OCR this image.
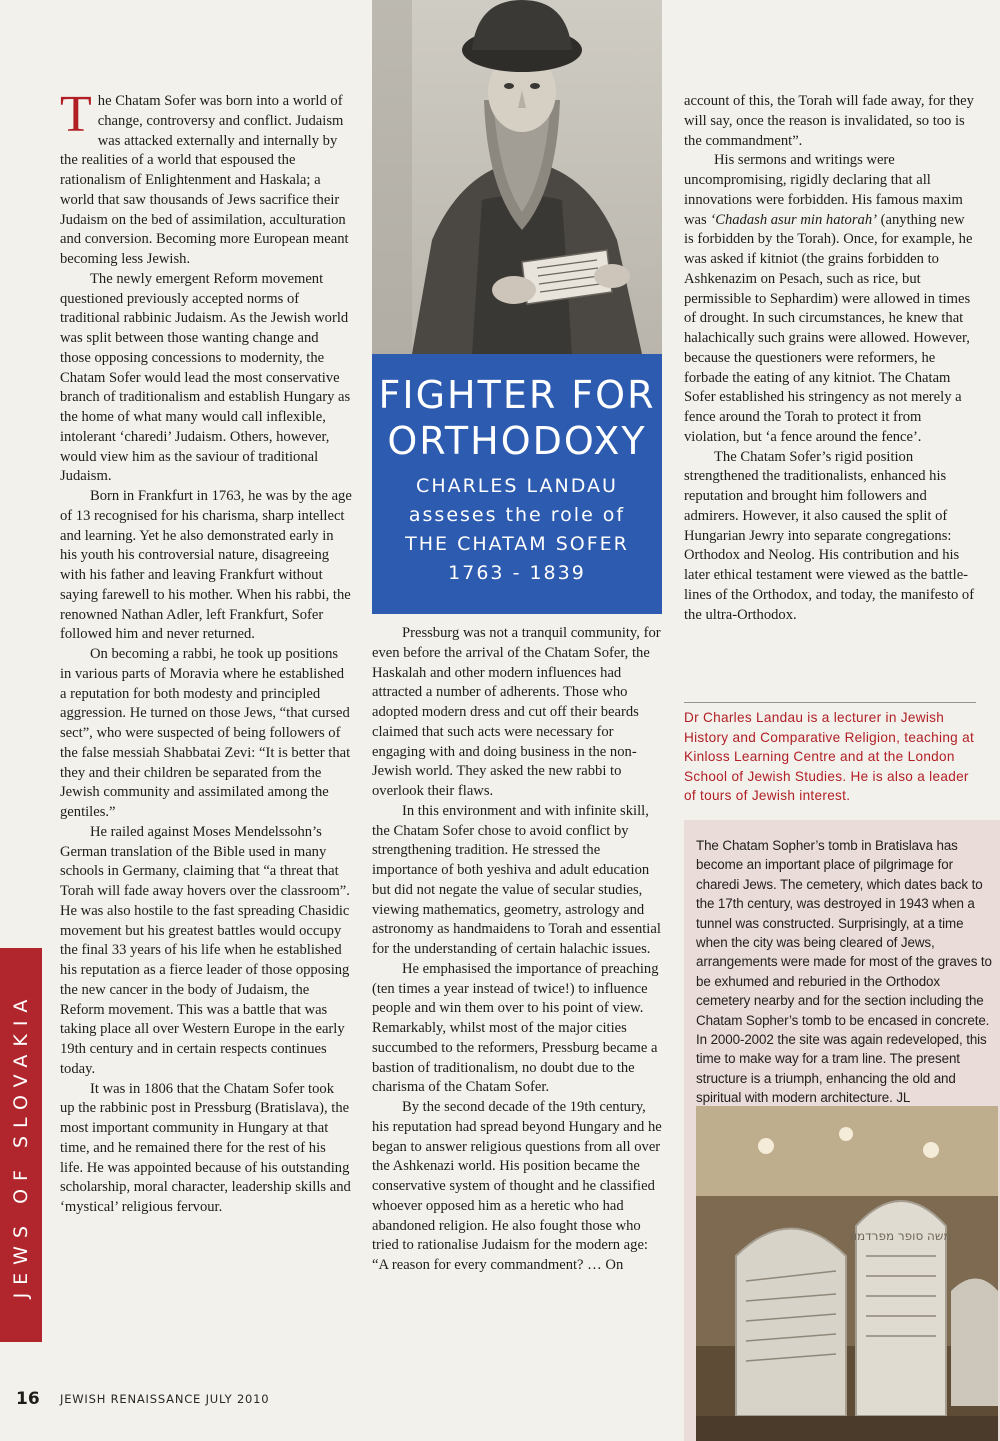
The Chatam Sofer was born into a world of change, controversy and conflict. Judaism was attacked externally and internally by the realities of a world that espoused the rationalism of Enlightenment and Haskala; a world that saw thousands of Jews sacrifice their Judaism on the bed of assimilation, acculturation and conversion. Becoming more European meant becoming less Jewish.

The newly emergent Reform movement questioned previously accepted norms of traditional rabbinic Judaism. As the Jewish world was split between those wanting change and those opposing concessions to modernity, the Chatam Sofer would lead the most conservative branch of traditionalism and establish Hungary as the home of what many would call inflexible, intolerant ‘charedi’ Judaism. Others, however, would view him as the saviour of traditional Judaism.

Born in Frankfurt in 1763, he was by the age of 13 recognised for his charisma, sharp intellect and learning. Yet he also demonstrated early in his youth his controversial nature, disagreeing with his father and leaving Frankfurt without saying farewell to his mother. When his rabbi, the renowned Nathan Adler, left Frankfurt, Sofer followed him and never returned.

On becoming a rabbi, he took up positions in various parts of Moravia where he established a reputation for both modesty and principled aggression. He turned on those Jews, “that cursed sect”, who were suspected of being followers of the false messiah Shabbatai Zevi: “It is better that they and their children be separated from the Jewish community and assimilated among the gentiles.”

He railed against Moses Mendelssohn’s German translation of the Bible used in many schools in Germany, claiming that “a threat that Torah will fade away hovers over the classroom”. He was also hostile to the fast spreading Chasidic movement but his greatest battles would occupy the final 33 years of his life when he established his reputation as a fierce leader of those opposing the new cancer in the body of Judaism, the Reform movement. This was a battle that was taking place all over Western Europe in the early 19th century and in certain respects continues today.

It was in 1806 that the Chatam Sofer took up the rabbinic post in Pressburg (Bratislava), the most important community in Hungary at that time, and he remained there for the rest of his life. He was appointed because of his outstanding scholarship, moral character, leadership skills and ‘mystical’ religious fervour.

FIGHTER FOR
ORTHODOXY
CHARLES LANDAU
asseses the role of
THE CHATAM SOFER
1763 - 1839

Pressburg was not a tranquil community, for even before the arrival of the Chatam Sofer, the Haskalah and other modern influences had attracted a number of adherents. Those who adopted modern dress and cut off their beards claimed that such acts were necessary for engaging with and doing business in the non-Jewish world. They asked the new rabbi to overlook their flaws.

In this environment and with infinite skill, the Chatam Sofer chose to avoid conflict by strengthening tradition. He stressed the importance of both yeshiva and adult education but did not negate the value of secular studies, viewing mathematics, geometry, astrology and astronomy as handmaidens to Torah and essential for the understanding of certain halachic issues.

He emphasised the importance of preaching (ten times a year instead of twice!) to influence people and win them over to his point of view. Remarkably, whilst most of the major cities succumbed to the reformers, Pressburg became a bastion of traditionalism, no doubt due to the charisma of the Chatam Sofer.

By the second decade of the 19th century, his reputation had spread beyond Hungary and he began to answer religious questions from all over the Ashkenazi world. His position became the conservative system of thought and he classified whoever opposed him as a heretic who had abandoned religion. He also fought those who tried to rationalise Judaism for the modern age: “A reason for every commandment? … On

account of this, the Torah will fade away, for they will say, once the reason is invalidated, so too is the commandment”.

His sermons and writings were uncompromising, rigidly declaring that all innovations were forbidden. His famous maxim was ‘Chadash asur min hatorah’ (anything new is forbidden by the Torah). Once, for example, he was asked if kitniot (the grains forbidden to Ashkenazim on Pesach, such as rice, but permissible to Sephardim) were allowed in times of drought. In such circumstances, he knew that halachically such grains were allowed. However, because the questioners were reformers, he forbade the eating of any kitniot. The Chatam Sofer established his stringency as not merely a fence around the Torah to protect it from violation, but ‘a fence around the fence’.

The Chatam Sofer’s rigid position strengthened the traditionalists, enhanced his reputation and brought him followers and admirers. However, it also caused the split of Hungarian Jewry into separate congregations: Orthodox and Neolog. His contribution and his later ethical testament were viewed as the battle-lines of the Orthodox, and today, the manifesto of the ultra-Orthodox.

Dr Charles Landau is a lecturer in Jewish History and Comparative Religion, teaching at Kinloss Learning Centre and at the London School of Jewish Studies. He is also a leader of tours of Jewish interest.
The Chatam Sopher’s tomb in Bratislava has become an important place of pilgrimage for charedi Jews. The cemetery, which dates back to the 17th century, was destroyed in 1943 when a tunnel was constructed. Surprisingly, at a time when the city was being cleared of Jews, arrangements were made for most of the graves to be exhumed and reburied in the Orthodox cemetery nearby and for the section including the Chatam Sopher’s tomb to be encased in concrete. In 2000-2002 the site was again redeveloped, this time to make way for a tram line. The present structure is a triumph, enhancing the old and spiritual with modern architecture. JL
משה סופר מפרדמון
JEWS OF SLOVAKIA
16 JEWISH RENAISSANCE JULY 2010
